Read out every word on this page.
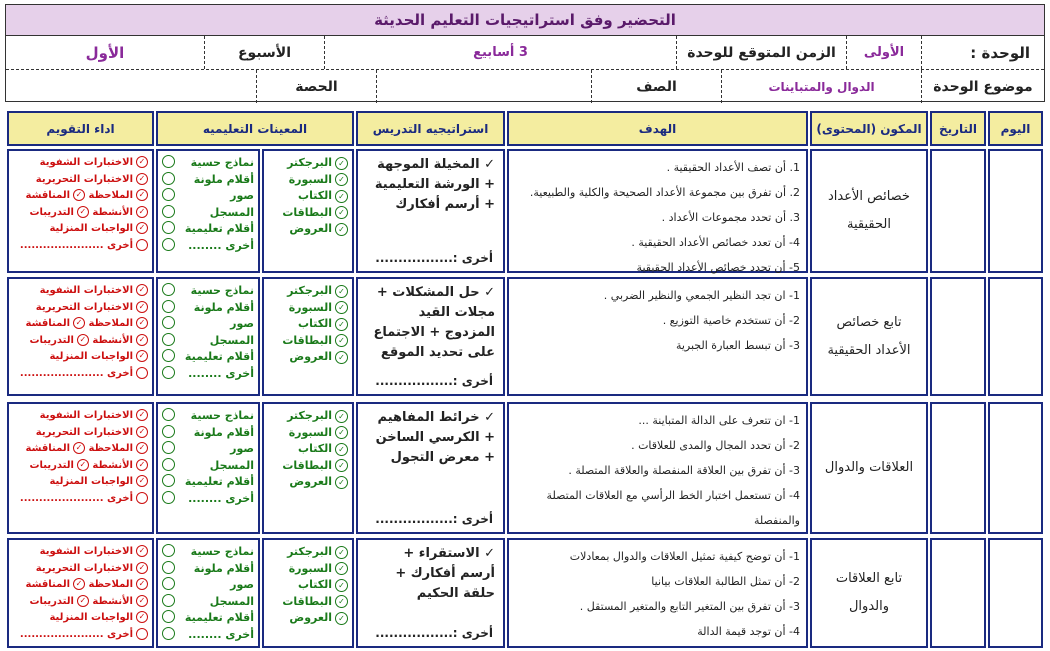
التحضير وفق استراتيجيات التعليم الحديثة
الوحدة :
الأولى
الزمن المتوقع للوحدة
3 أسابيع
الأسبوع
الأول
موضوع الوحدة
الدوال والمتباينات
الصف
الحصة
اليوم
التاريخ
المكون (المحتوى)
الهدف
استراتيجيه التدريس
المعينات التعليميه
اداء التقويم
خصائص الأعداد الحقيقية
1. أن تصف الأعداد الحقيقية .
2. أن تفرق بين مجموعة الأعداد الصحيحة والكلية والطبيعية.
3. أن تحدد مجموعات الأعداد .
4- أن تعدد خصائص الأعداد الحقيقية .
5- أن تحدد خصائص الأعداد الحقيقية
✓ المخيلة الموجهة + الورشة التعليمية + أرسم أفكارك
أخرى :.................
✓البرجكتر
✓السبورة
✓الكتاب
✓البطاقات
✓العروض
نماذج حسية
أقلام ملونة
صور
المسجل
أقلام تعليمية
أخرى ........
✓الاختبارات الشفوية
✓الاختبارات التحريرية
✓الملاحظة ✓المناقشة
✓الأنشطة ✓التدريبات
✓الواجبات المنزلية
أخرى ......................
تابع خصائص الأعداد الحقيقية
1- ان تجد النظير الجمعي والنظير الضربي .
2- أن تستخدم خاصية التوزيع .
3- أن تبسط العبارة الجبرية
✓ حل المشكلات + مجلات القيد المزدوج + الاجتماع على تحديد الموقع
أخرى :.................
✓البرجكتر
✓السبورة
✓الكتاب
✓البطاقات
✓العروض
نماذج حسية
أقلام ملونة
صور
المسجل
أقلام تعليمية
أخرى ........
✓الاختبارات الشفوية
✓الاختبارات التحريرية
✓الملاحظة ✓المناقشة
✓الأنشطة ✓التدريبات
✓الواجبات المنزلية
أخرى ......................
العلاقات والدوال
1- ان تتعرف على الدالة المتباينة ...
2- أن تحدد المجال والمدى للعلاقات .
3- أن تفرق بين العلاقة المنفصلة والعلاقة المتصلة .
4- أن تستعمل اختبار الخط الرأسي مع العلاقات المتصلة والمنفصلة
✓ خرائط المفاهيم + الكرسي الساخن + معرض التجول
أخرى :.................
✓البرجكتر
✓السبورة
✓الكتاب
✓البطاقات
✓العروض
نماذج حسية
أقلام ملونة
صور
المسجل
أقلام تعليمية
أخرى ........
✓الاختبارات الشفوية
✓الاختبارات التحريرية
✓الملاحظة ✓المناقشة
✓الأنشطة ✓التدريبات
✓الواجبات المنزلية
أخرى ......................
تابع العلاقات والدوال
1- أن توضح كيفية تمثيل العلاقات والدوال بمعادلات
2- أن تمثل الطالبة العلاقات بيانيا
3- أن تفرق بين المتغير التابع والمتغير المستقل .
4- أن توجد قيمة الدالة
✓ الاستقراء + أرسم أفكارك + حلقة الحكيم
أخرى :.................
✓البرجكتر
✓السبورة
✓الكتاب
✓البطاقات
✓العروض
نماذج حسية
أقلام ملونة
صور
المسجل
أقلام تعليمية
أخرى ........
✓الاختبارات الشفوية
✓الاختبارات التحريرية
✓الملاحظة ✓المناقشة
✓الأنشطة ✓التدريبات
✓الواجبات المنزلية
أخرى ......................
